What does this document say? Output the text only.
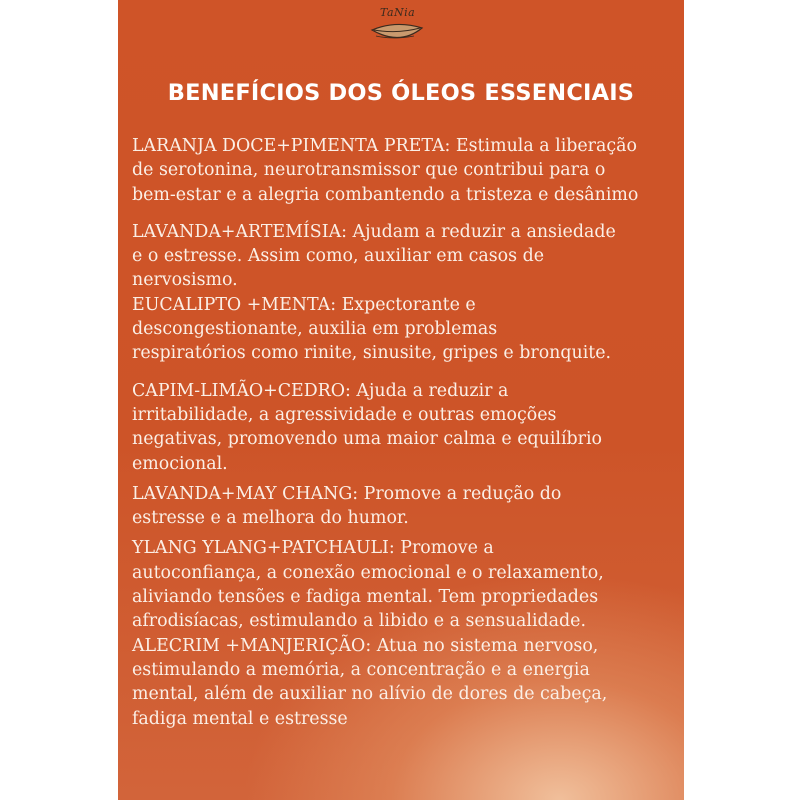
TaNia
BENEFÍCIOS DOS ÓLEOS ESSENCIAIS
LARANJA DOCE+PIMENTA PRETA: Estimula a liberação
de serotonina, neurotransmissor que contribui para o
bem-estar e a alegria combantendo a tristeza e desânimo
LAVANDA+ARTEMÍSIA: Ajudam a reduzir a ansiedade
e o estresse. Assim como, auxiliar em casos de
nervosismo.
EUCALIPTO +MENTA: Expectorante e
descongestionante, auxilia em problemas
respiratórios como rinite, sinusite, gripes e bronquite.
CAPIM-LIMÃO+CEDRO: Ajuda a reduzir a
irritabilidade, a agressividade e outras emoções
negativas, promovendo uma maior calma e equilíbrio
emocional.
LAVANDA+MAY CHANG: Promove a redução do
estresse e a melhora do humor.
YLANG YLANG+PATCHAULI: Promove a
autoconfiança, a conexão emocional e o relaxamento,
aliviando tensões e fadiga mental. Tem propriedades
afrodisíacas, estimulando a libido e a sensualidade.
ALECRIM +MANJERIÇÃO: Atua no sistema nervoso,
estimulando a memória, a concentração e a energia
mental, além de auxiliar no alívio de dores de cabeça,
fadiga mental e estresse
